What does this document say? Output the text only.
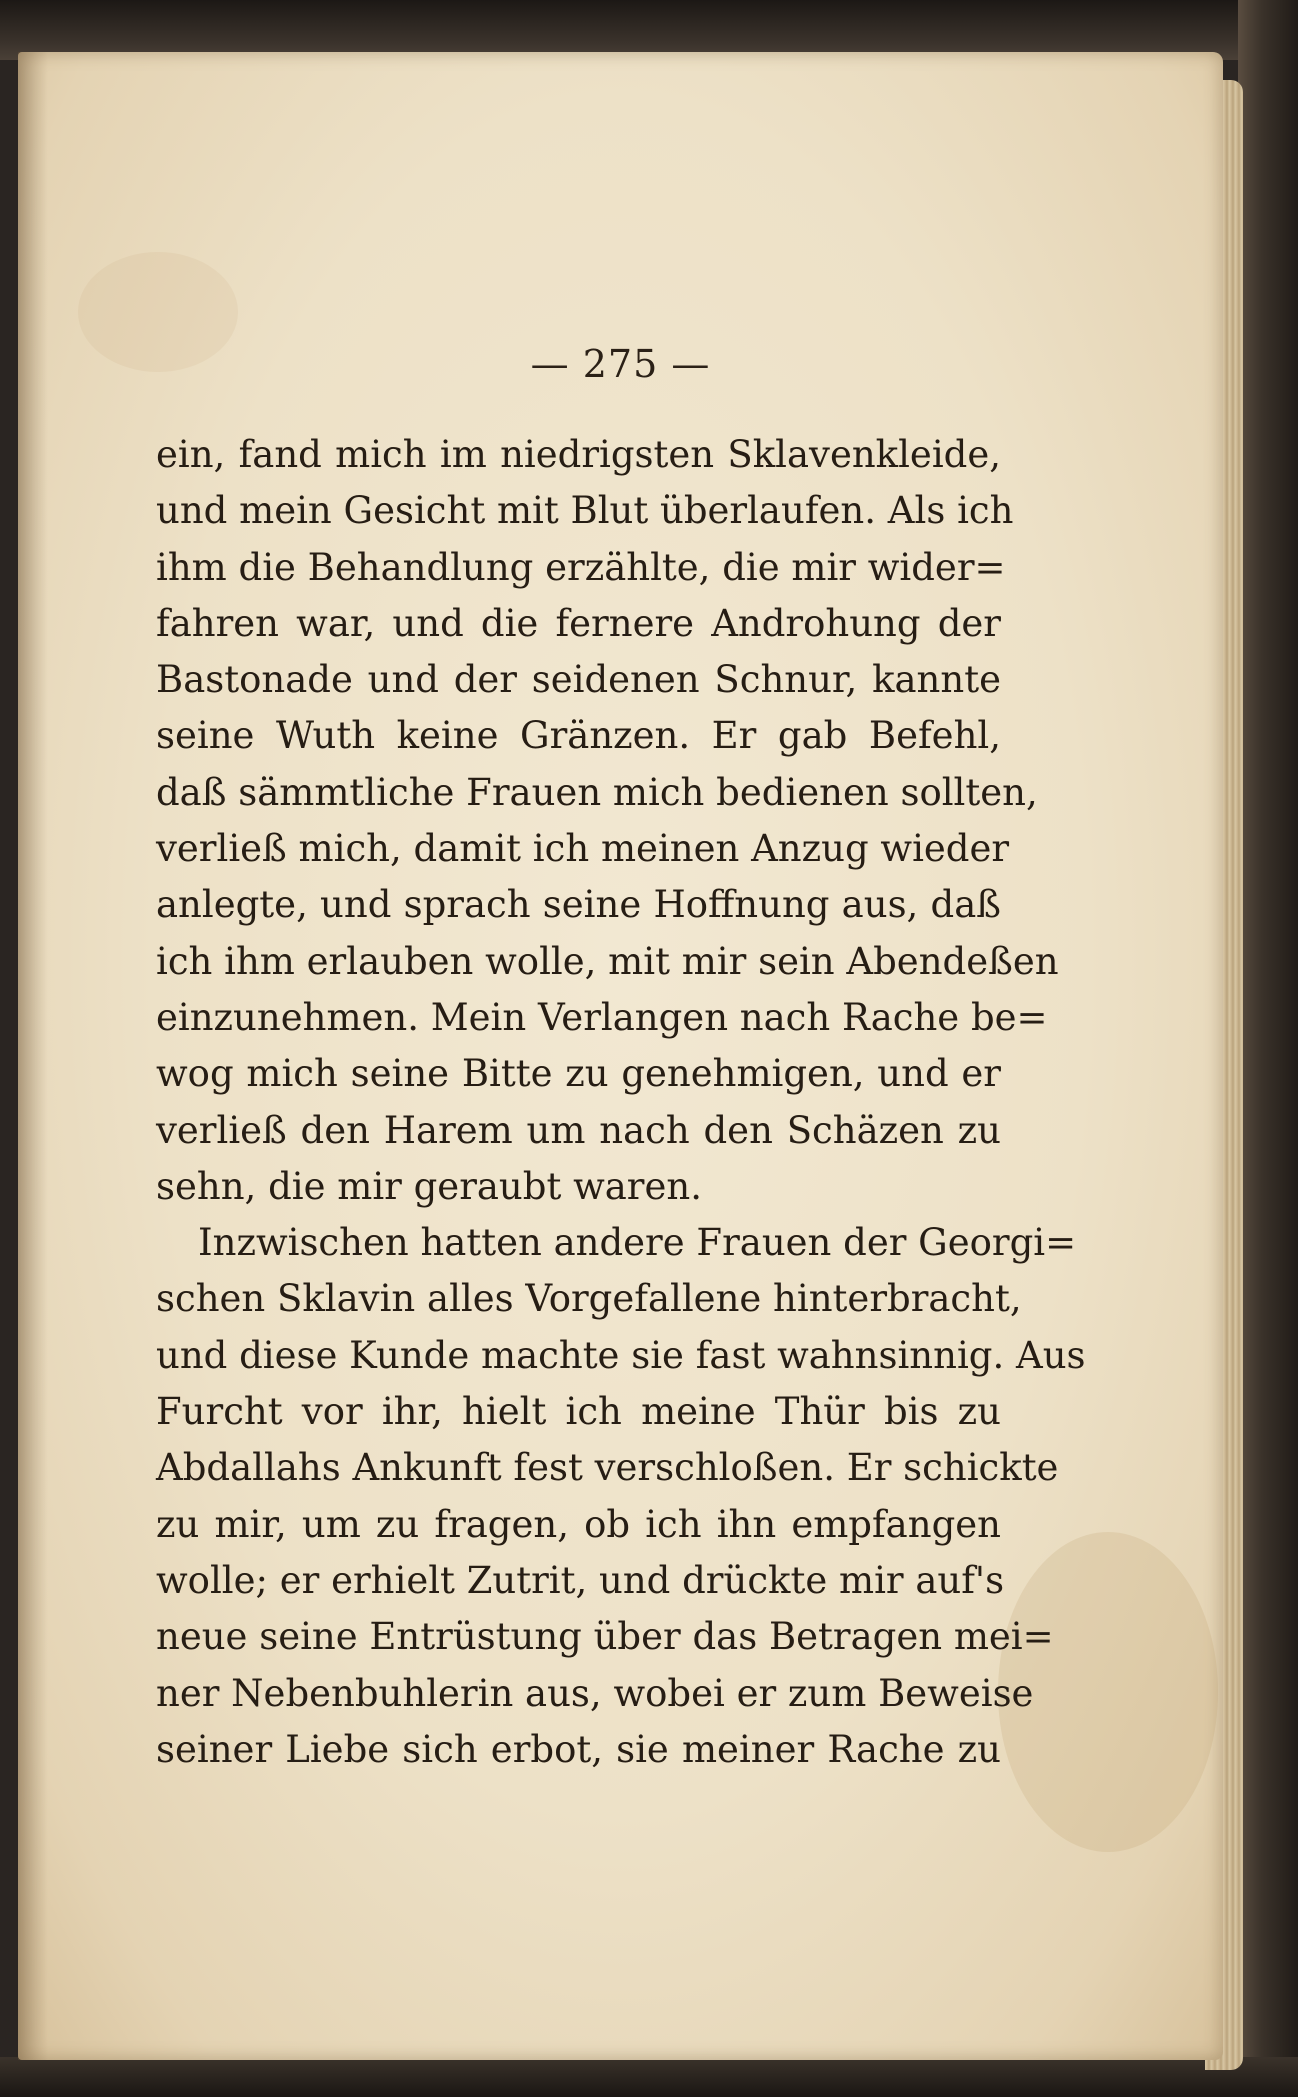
— 275 —
ein, fand mich im niedrigsten Sklavenkleide,
und mein Gesicht mit Blut überlaufen. Als ich
ihm die Behandlung erzählte, die mir wider=
fahren war, und die fernere Androhung der
Bastonade und der seidenen Schnur, kannte
seine Wuth keine Gränzen. Er gab Befehl,
daß sämmtliche Frauen mich bedienen sollten,
verließ mich, damit ich meinen Anzug wieder
anlegte, und sprach seine Hoffnung aus, daß
ich ihm erlauben wolle, mit mir sein Abendeßen
einzunehmen. Mein Verlangen nach Rache be=
wog mich seine Bitte zu genehmigen, und er
verließ den Harem um nach den Schäzen zu
sehn, die mir geraubt waren.
Inzwischen hatten andere Frauen der Georgi=
schen Sklavin alles Vorgefallene hinterbracht,
und diese Kunde machte sie fast wahnsinnig. Aus
Furcht vor ihr, hielt ich meine Thür bis zu
Abdallahs Ankunft fest verschloßen. Er schickte
zu mir, um zu fragen, ob ich ihn empfangen
wolle; er erhielt Zutrit, und drückte mir auf's
neue seine Entrüstung über das Betragen mei=
ner Nebenbuhlerin aus, wobei er zum Beweise
seiner Liebe sich erbot, sie meiner Rache zu
